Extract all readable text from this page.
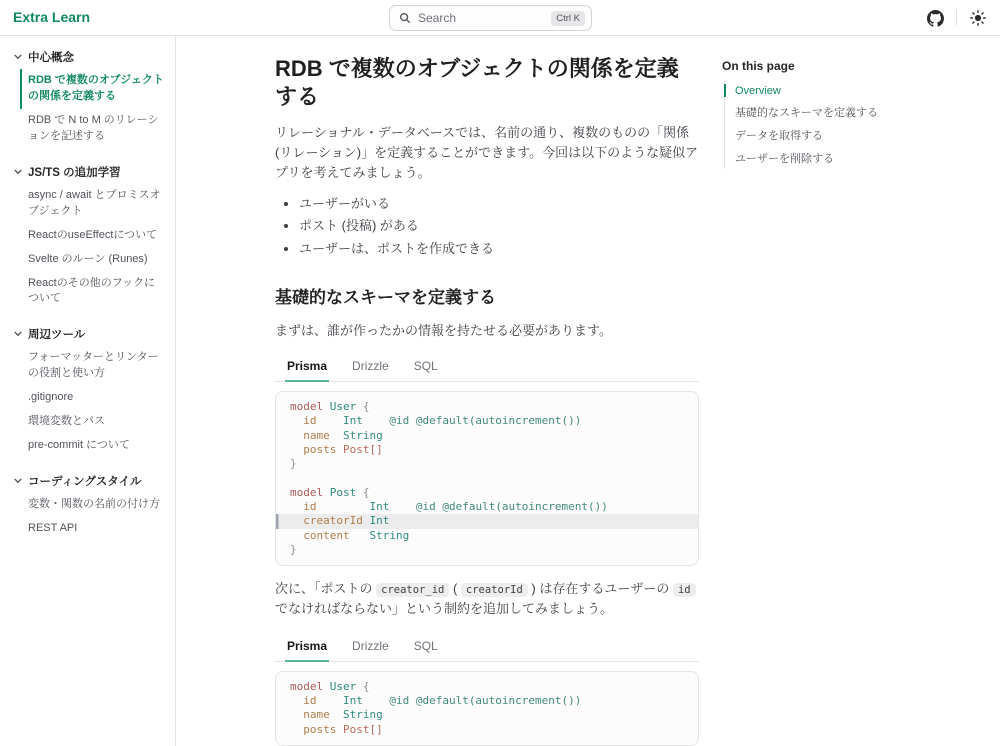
Extra Learn	Search	Ctrl K
中心概念
RDB で複数のオブジェクトの関係を定義する
RDB で N to M のリレーションを記述する
JS/TS の追加学習
async / await とプロミスオブジェクト
ReactのuseEffectについて
Svelte のルーン (Runes)
Reactのその他のフックについて
周辺ツール
フォーマッターとリンターの役割と使い方
.gitignore
環境変数とパス
pre-commit について
コーディングスタイル
変数・関数の名前の付け方
REST API
RDB で複数のオブジェクトの関係を定義する

リレーショナル・データベースでは、名前の通り、複数のものの「関係(リレーション)」を定義することができます。今回は以下のような疑似アプリを考えてみましょう。

• ユーザーがいる
• ポスト (投稿) がある
• ユーザーは、ポストを作成できる
基礎的なスキーマを定義する

まずは、誰が作ったかの情報を持たせる必要があります。

Prisma Drizzle SQL
model User {
id    Int    @id @default(autoincrement())
name  String
posts Post[]
}

model Post {
id        Int    @id @default(autoincrement())
creatorId Int
content   String
}

次に、「ポストの creator_id ( creatorId ) は存在するユーザーの id でなければならない」という制約を追加してみましょう。

Prisma Drizzle SQL
model User {
id    Int    @id @default(autoincrement())
name  String
posts Post[]
On this page
Overview
基礎的なスキーマを定義する
データを取得する
ユーザーを削除する
